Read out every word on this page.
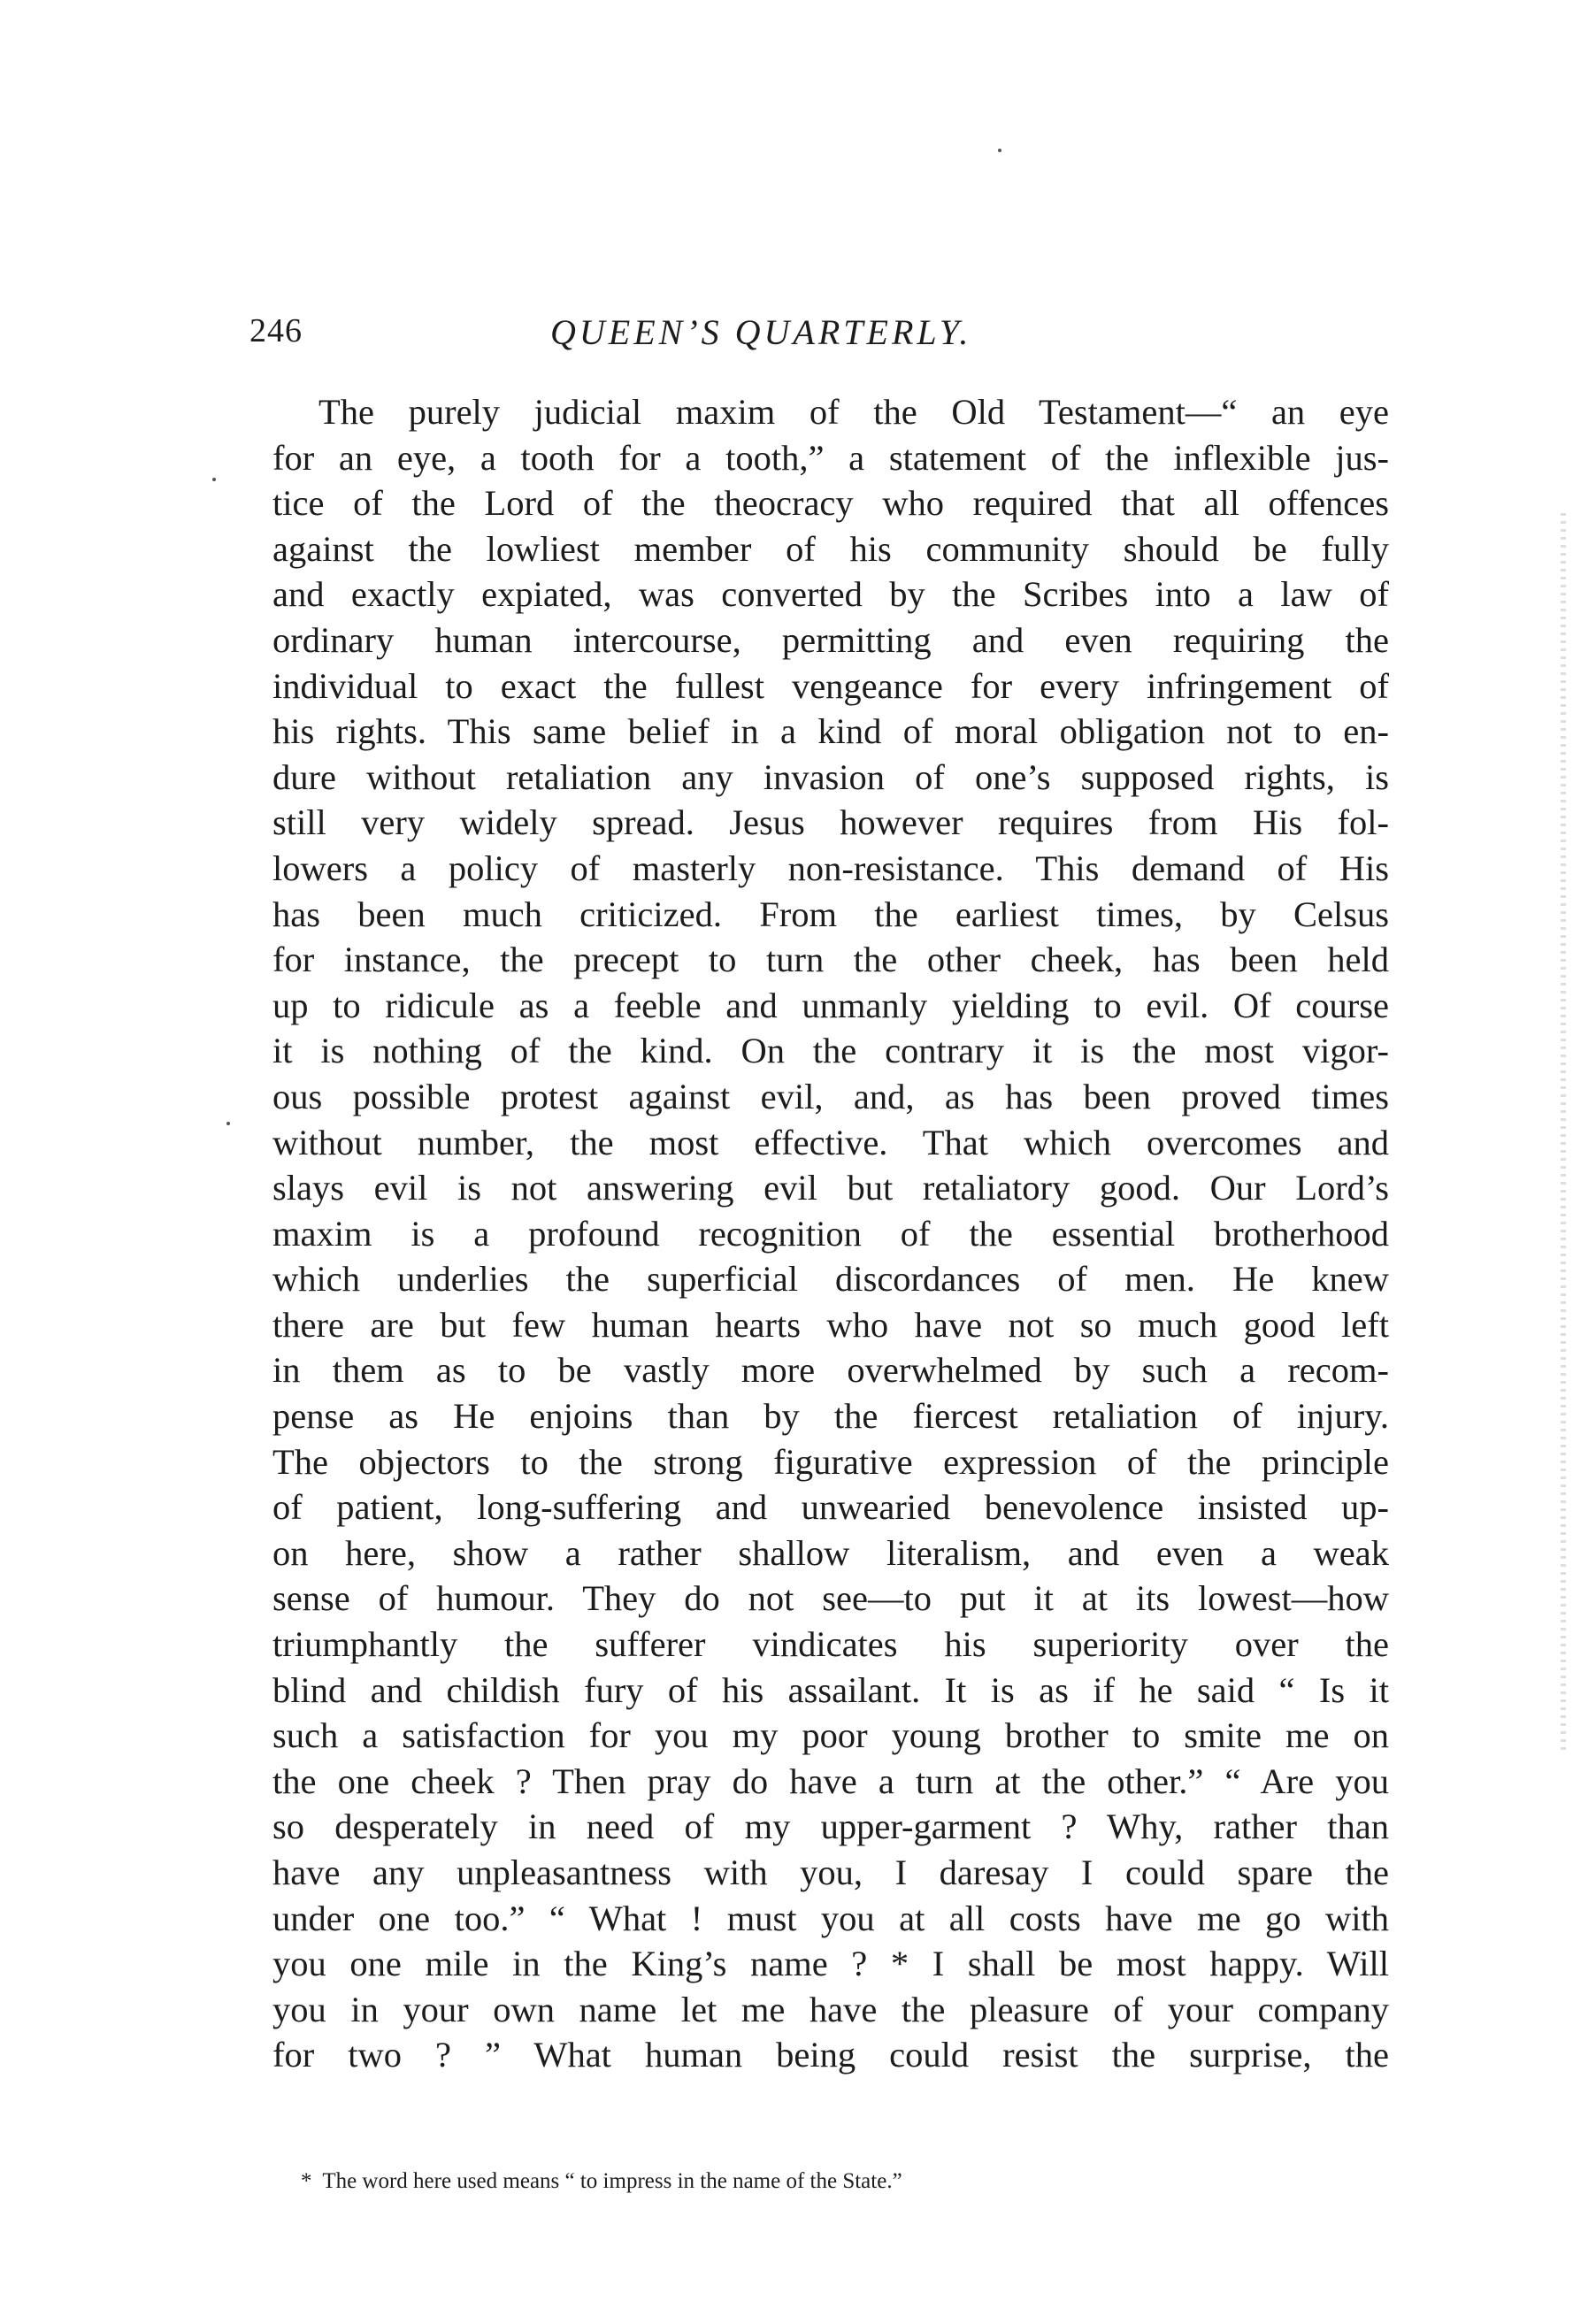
246	QUEEN’S QUARTERLY.
The purely judicial maxim of the Old Testament—“ an eye
for an eye, a tooth for a tooth,” a statement of the inflexible jus-
tice of the Lord of the theocracy who required that all offences
against the lowliest member of his community should be fully
and exactly expiated, was converted by the Scribes into a law of
ordinary human intercourse, permitting and even requiring the
individual to exact the fullest vengeance for every infringement of
his rights. This same belief in a kind of moral obligation not to en-
dure without retaliation any invasion of one’s supposed rights, is
still very widely spread. Jesus however requires from His fol-
lowers a policy of masterly non-resistance. This demand of His
has been much criticized. From the earliest times, by Celsus
for instance, the precept to turn the other cheek, has been held
up to ridicule as a feeble and unmanly yielding to evil. Of course
it is nothing of the kind. On the contrary it is the most vigor-
ous possible protest against evil, and, as has been proved times
without number, the most effective. That which overcomes and
slays evil is not answering evil but retaliatory good. Our Lord’s
maxim is a profound recognition of the essential brotherhood
which underlies the superficial discordances of men. He knew
there are but few human hearts who have not so much good left
in them as to be vastly more overwhelmed by such a recom-
pense as He enjoins than by the fiercest retaliation of injury.
The objectors to the strong figurative expression of the principle
of patient, long-suffering and unwearied benevolence insisted up-
on here, show a rather shallow literalism, and even a weak
sense of humour. They do not see—to put it at its lowest—how
triumphantly the sufferer vindicates his superiority over the
blind and childish fury of his assailant. It is as if he said “ Is it
such a satisfaction for you my poor young brother to smite me on
the one cheek ? Then pray do have a turn at the other.” “ Are you
so desperately in need of my upper-garment ? Why, rather than
have any unpleasantness with you, I daresay I could spare the
under one too.” “ What ! must you at all costs have me go with
you one mile in the King’s name ? * I shall be most happy. Will
you in your own name let me have the pleasure of your company
for two ? ” What human being could resist the surprise, the
* The word here used means “ to impress in the name of the State.”
